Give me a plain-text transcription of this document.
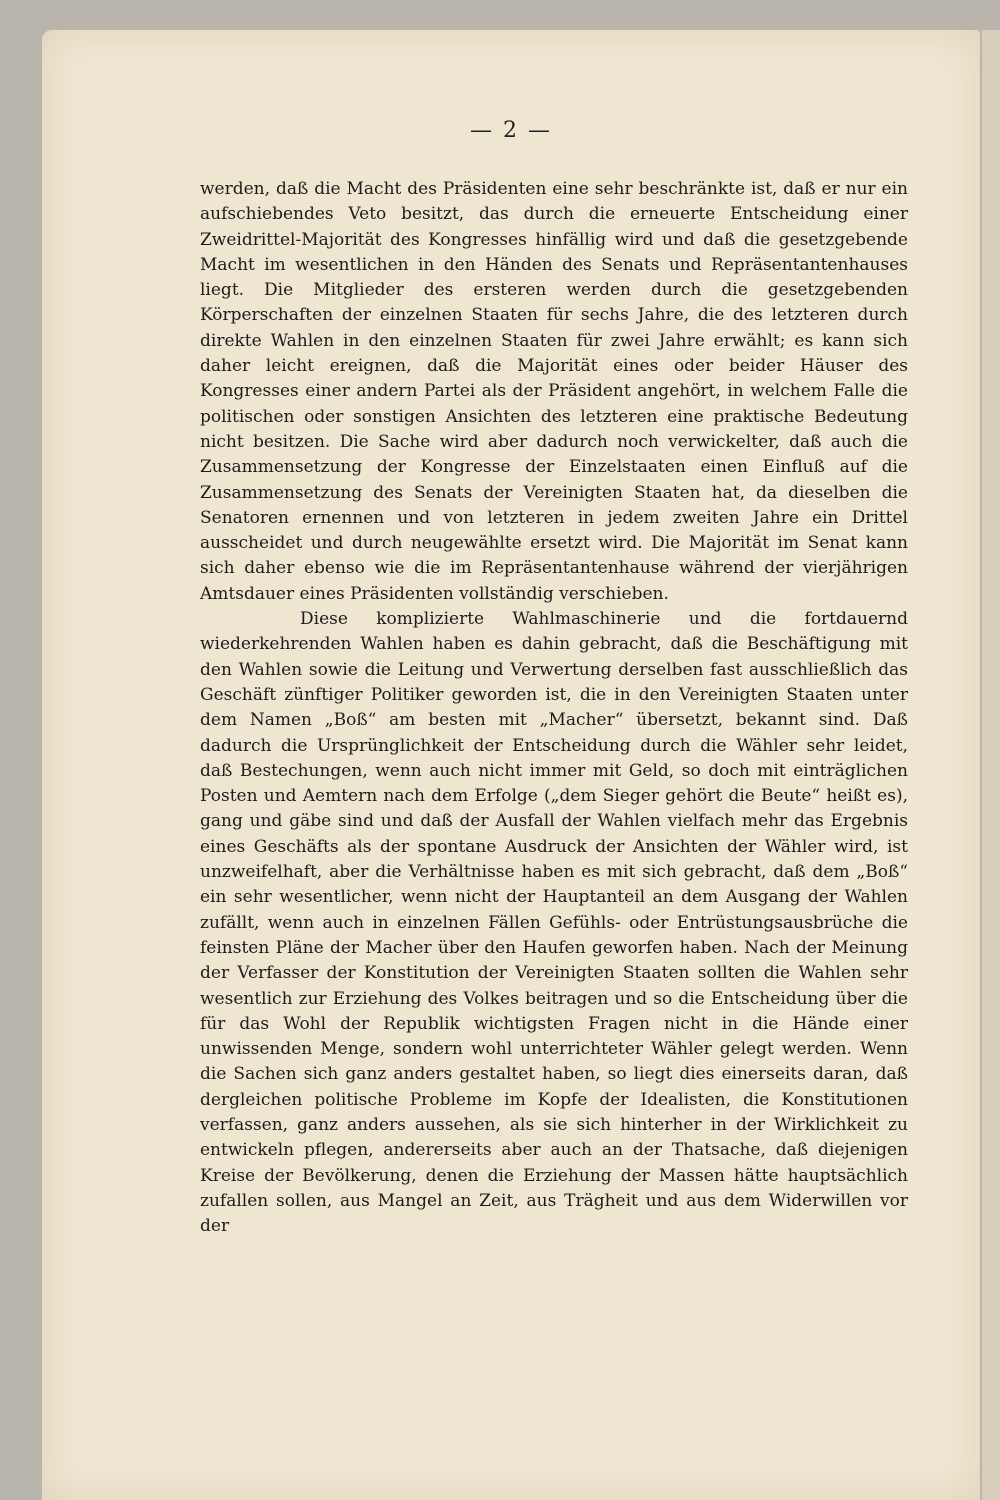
— 2 —

werden, daß die Macht des Präsidenten eine sehr beschränkte ist, daß er nur ein aufschiebendes Veto besitzt, das durch die erneuerte Entscheidung einer Zweidrittel-Majorität des Kongresses hinfällig wird und daß die gesetzgebende Macht im wesentlichen in den Händen des Senats und Repräsentantenhauses liegt. Die Mitglieder des ersteren werden durch die gesetzgebenden Körperschaften der einzelnen Staaten für sechs Jahre, die des letzteren durch direkte Wahlen in den einzelnen Staaten für zwei Jahre erwählt; es kann sich daher leicht ereignen, daß die Majorität eines oder beider Häuser des Kongresses einer andern Partei als der Präsident angehört, in welchem Falle die politischen oder sonstigen Ansichten des letzteren eine praktische Bedeutung nicht besitzen. Die Sache wird aber dadurch noch verwickelter, daß auch die Zusammensetzung der Kongresse der Einzelstaaten einen Einfluß auf die Zusammensetzung des Senats der Vereinigten Staaten hat, da dieselben die Senatoren ernennen und von letzteren in jedem zweiten Jahre ein Drittel ausscheidet und durch neugewählte ersetzt wird. Die Majorität im Senat kann sich daher ebenso wie die im Repräsentantenhause während der vierjährigen Amtsdauer eines Präsidenten vollständig verschieben.

Diese komplizierte Wahlmaschinerie und die fortdauernd wiederkehrenden Wahlen haben es dahin gebracht, daß die Beschäftigung mit den Wahlen sowie die Leitung und Verwertung derselben fast ausschließlich das Geschäft zünftiger Politiker geworden ist, die in den Vereinigten Staaten unter dem Namen „Boß“ am besten mit „Macher“ übersetzt, bekannt sind. Daß dadurch die Ursprünglichkeit der Entscheidung durch die Wähler sehr leidet, daß Bestechungen, wenn auch nicht immer mit Geld, so doch mit einträglichen Posten und Aemtern nach dem Erfolge („dem Sieger gehört die Beute“ heißt es), gang und gäbe sind und daß der Ausfall der Wahlen vielfach mehr das Ergebnis eines Geschäfts als der spontane Ausdruck der Ansichten der Wähler wird, ist unzweifelhaft, aber die Verhältnisse haben es mit sich gebracht, daß dem „Boß“ ein sehr wesentlicher, wenn nicht der Hauptanteil an dem Ausgang der Wahlen zufällt, wenn auch in einzelnen Fällen Gefühls- oder Entrüstungsausbrüche die feinsten Pläne der Macher über den Haufen geworfen haben. Nach der Meinung der Verfasser der Konstitution der Vereinigten Staaten sollten die Wahlen sehr wesentlich zur Erziehung des Volkes beitragen und so die Entscheidung über die für das Wohl der Republik wichtigsten Fragen nicht in die Hände einer unwissenden Menge, sondern wohl unterrichteter Wähler gelegt werden. Wenn die Sachen sich ganz anders gestaltet haben, so liegt dies einerseits daran, daß dergleichen politische Probleme im Kopfe der Idealisten, die Konstitutionen verfassen, ganz anders aussehen, als sie sich hinterher in der Wirklichkeit zu entwickeln pflegen, andererseits aber auch an der Thatsache, daß diejenigen Kreise der Bevölkerung, denen die Erziehung der Massen hätte hauptsächlich zufallen sollen, aus Mangel an Zeit, aus Trägheit und aus dem Widerwillen vor der
